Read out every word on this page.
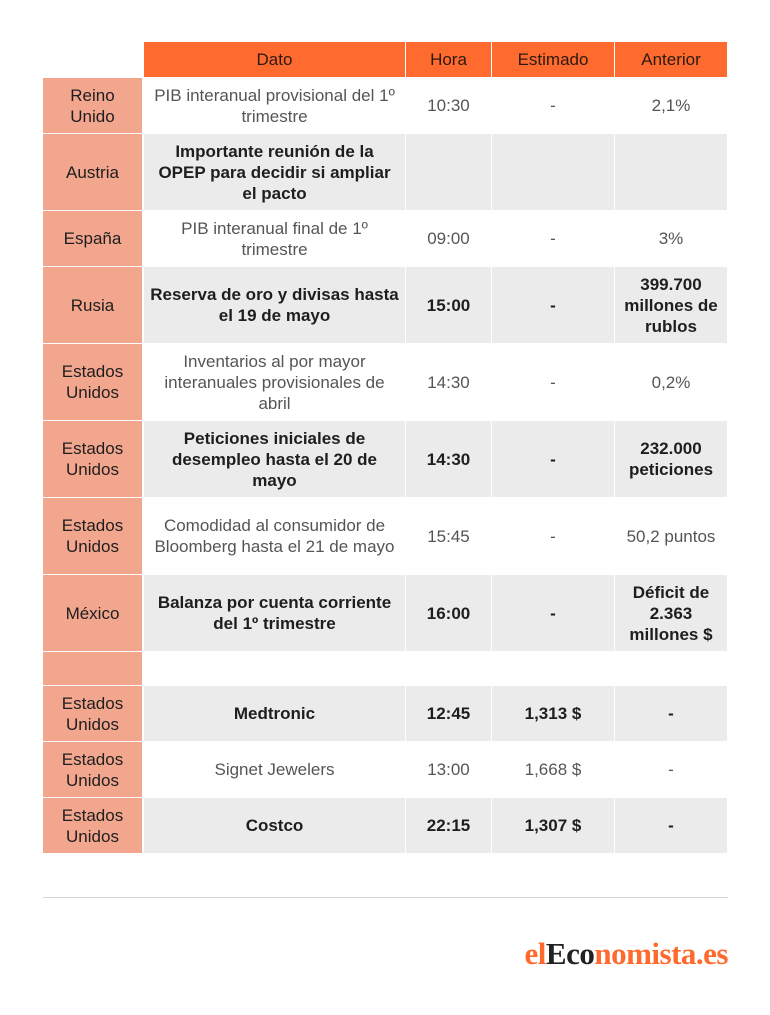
	Dato	Hora	Estimado	Anterior
Reino Unido	PIB interanual provisional del 1º trimestre	10:30	-	2,1%
Austria	Importante reunión de la OPEP para decidir si ampliar el pacto			
España	PIB interanual final de 1º trimestre	09:00	-	3%
Rusia	Reserva de oro y divisas hasta el 19 de mayo	15:00	-	399.700 millones de rublos
Estados Unidos	Inventarios al por mayor interanuales provisionales de abril	14:30	-	0,2%
Estados Unidos	Peticiones iniciales de desempleo hasta el 20 de mayo	14:30	-	232.000 peticiones
Estados Unidos	Comodidad al consumidor de Bloomberg hasta el 21 de mayo	15:45	-	50,2 puntos
México	Balanza por cuenta corriente del 1º trimestre	16:00	-	Déficit de 2.363 millones $

Estados Unidos	Medtronic	12:45	1,313 $	-
Estados Unidos	Signet Jewelers	13:00	1,668 $	-
Estados Unidos	Costco	22:15	1,307 $	-
elEconomista.es
